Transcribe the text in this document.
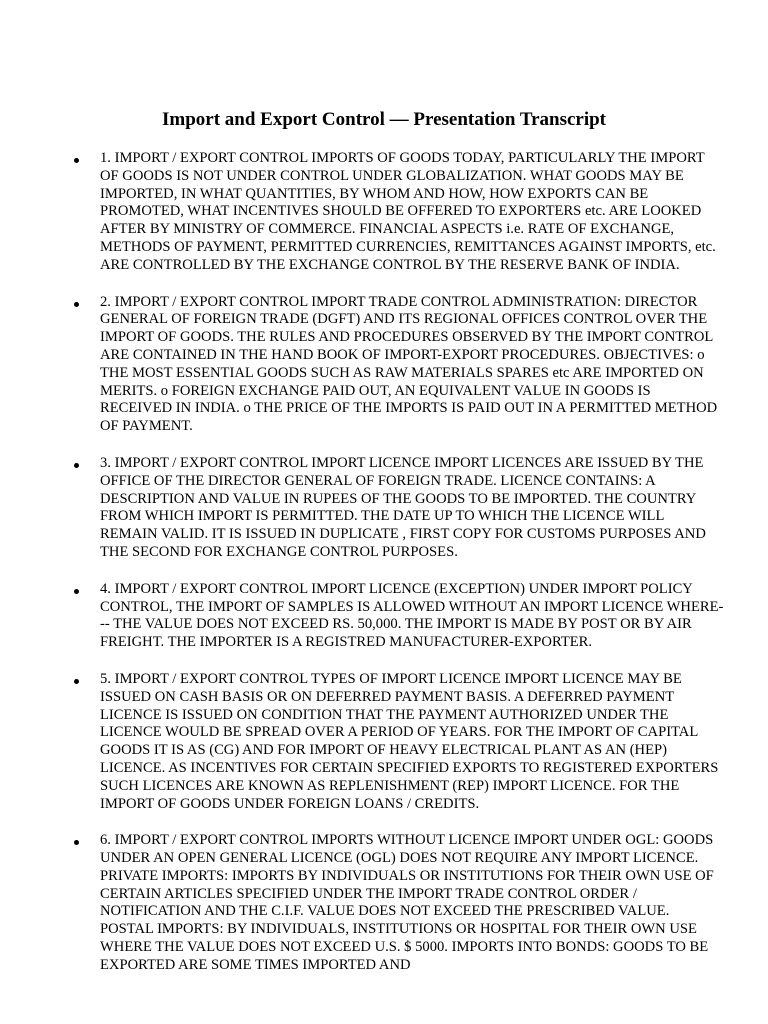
Import and Export Control — Presentation Transcript
1. IMPORT / EXPORT CONTROL IMPORTS OF GOODS TODAY, PARTICULARLY THE IMPORT OF GOODS IS NOT UNDER CONTROL UNDER GLOBALIZATION. WHAT GOODS MAY BE IMPORTED, IN WHAT QUANTITIES, BY WHOM AND HOW, HOW EXPORTS CAN BE PROMOTED, WHAT INCENTIVES SHOULD BE OFFERED TO EXPORTERS etc. ARE LOOKED AFTER BY MINISTRY OF COMMERCE. FINANCIAL ASPECTS i.e. RATE OF EXCHANGE, METHODS OF PAYMENT, PERMITTED CURRENCIES, REMITTANCES AGAINST IMPORTS, etc. ARE CONTROLLED BY THE EXCHANGE CONTROL BY THE RESERVE BANK OF INDIA.
2. IMPORT / EXPORT CONTROL IMPORT TRADE CONTROL ADMINISTRATION: DIRECTOR GENERAL OF FOREIGN TRADE (DGFT) AND ITS REGIONAL OFFICES CONTROL OVER THE IMPORT OF GOODS. THE RULES AND PROCEDURES OBSERVED BY THE IMPORT CONTROL ARE CONTAINED IN THE HAND BOOK OF IMPORT-EXPORT PROCEDURES. OBJECTIVES: o THE MOST ESSENTIAL GOODS SUCH AS RAW MATERIALS SPARES etc ARE IMPORTED ON MERITS. o FOREIGN EXCHANGE PAID OUT, AN EQUIVALENT VALUE IN GOODS IS RECEIVED IN INDIA. o THE PRICE OF THE IMPORTS IS PAID OUT IN A PERMITTED METHOD OF PAYMENT.
3. IMPORT / EXPORT CONTROL IMPORT LICENCE IMPORT LICENCES ARE ISSUED BY THE OFFICE OF THE DIRECTOR GENERAL OF FOREIGN TRADE. LICENCE CONTAINS: A DESCRIPTION AND VALUE IN RUPEES OF THE GOODS TO BE IMPORTED. THE COUNTRY FROM WHICH IMPORT IS PERMITTED. THE DATE UP TO WHICH THE LICENCE WILL REMAIN VALID. IT IS ISSUED IN DUPLICATE , FIRST COPY FOR CUSTOMS PURPOSES AND THE SECOND FOR EXCHANGE CONTROL PURPOSES.
4. IMPORT / EXPORT CONTROL IMPORT LICENCE (EXCEPTION) UNDER IMPORT POLICY CONTROL, THE IMPORT OF SAMPLES IS ALLOWED WITHOUT AN IMPORT LICENCE WHERE--- THE VALUE DOES NOT EXCEED RS. 50,000. THE IMPORT IS MADE BY POST OR BY AIR FREIGHT. THE IMPORTER IS A REGISTRED MANUFACTURER-EXPORTER.
5. IMPORT / EXPORT CONTROL TYPES OF IMPORT LICENCE IMPORT LICENCE MAY BE ISSUED ON CASH BASIS OR ON DEFERRED PAYMENT BASIS. A DEFERRED PAYMENT LICENCE IS ISSUED ON CONDITION THAT THE PAYMENT AUTHORIZED UNDER THE LICENCE WOULD BE SPREAD OVER A PERIOD OF YEARS. FOR THE IMPORT OF CAPITAL GOODS IT IS AS (CG) AND FOR IMPORT OF HEAVY ELECTRICAL PLANT AS AN (HEP) LICENCE. AS INCENTIVES FOR CERTAIN SPECIFIED EXPORTS TO REGISTERED EXPORTERS SUCH LICENCES ARE KNOWN AS REPLENISHMENT (REP) IMPORT LICENCE. FOR THE IMPORT OF GOODS UNDER FOREIGN LOANS / CREDITS.
6. IMPORT / EXPORT CONTROL IMPORTS WITHOUT LICENCE IMPORT UNDER OGL: GOODS UNDER AN OPEN GENERAL LICENCE (OGL) DOES NOT REQUIRE ANY IMPORT LICENCE. PRIVATE IMPORTS: IMPORTS BY INDIVIDUALS OR INSTITUTIONS FOR THEIR OWN USE OF CERTAIN ARTICLES SPECIFIED UNDER THE IMPORT TRADE CONTROL ORDER / NOTIFICATION AND THE C.I.F. VALUE DOES NOT EXCEED THE PRESCRIBED VALUE. POSTAL IMPORTS: BY INDIVIDUALS, INSTITUTIONS OR HOSPITAL FOR THEIR OWN USE WHERE THE VALUE DOES NOT EXCEED U.S. $ 5000. IMPORTS INTO BONDS: GOODS TO BE EXPORTED ARE SOME TIMES IMPORTED AND
